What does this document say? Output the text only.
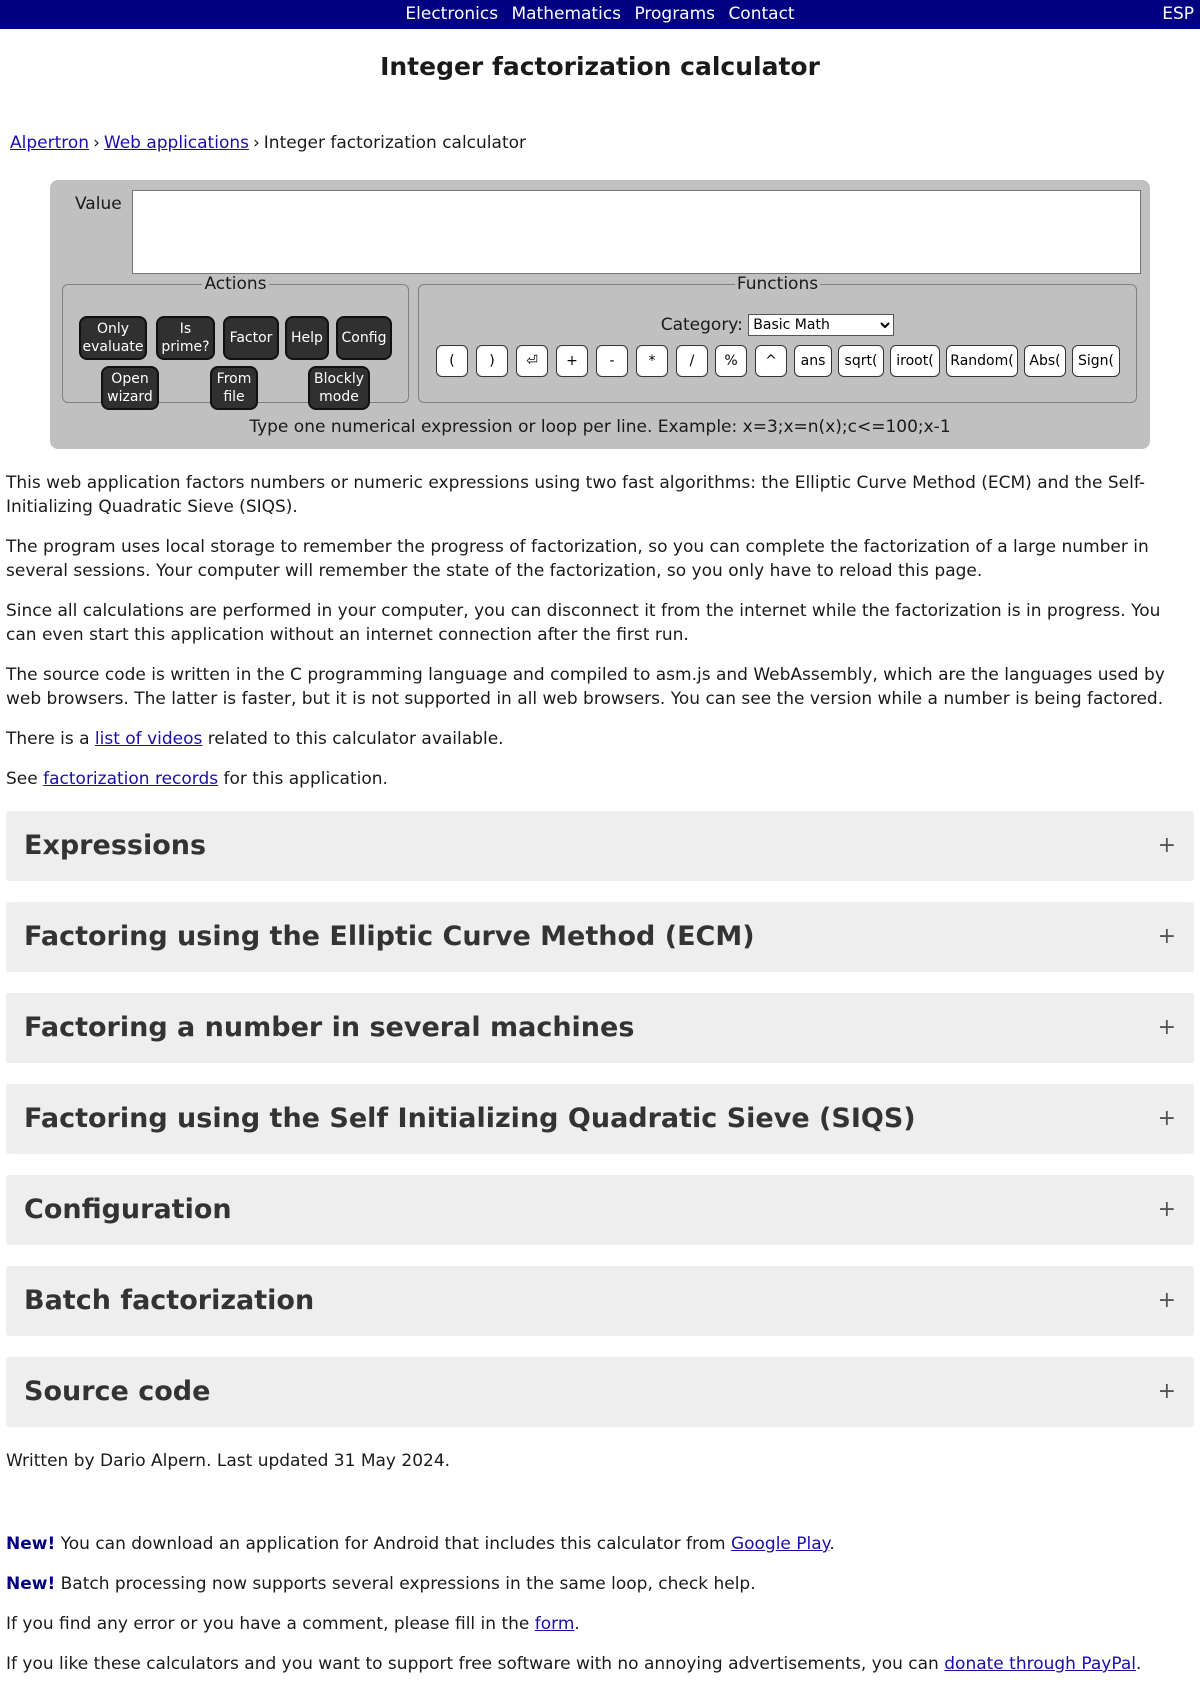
Electronics Mathematics Programs Contact	ESP
Integer factorization calculator
Alpertron › Web applications › Integer factorization calculator
Value
Actions
Only evaluate
Is prime?
Factor	Help	Config
Open wizard
From file
Blockly mode
Functions
Category:
Basic Math
(	)	⏎	+	-	*	/	%	^	ans	sqrt(	iroot(	Random(	Abs(	Sign(
Type one numerical expression or loop per line. Example: x=3;x=n(x);c<=100;x-1

This web application factors numbers or numeric expressions using two fast algorithms: the Elliptic Curve Method (ECM) and the Self-Initializing Quadratic Sieve (SIQS).

The program uses local storage to remember the progress of factorization, so you can complete the factorization of a large number in several sessions. Your computer will remember the state of the factorization, so you only have to reload this page.

Since all calculations are performed in your computer, you can disconnect it from the internet while the factorization is in progress. You can even start this application without an internet connection after the first run.

The source code is written in the C programming language and compiled to asm.js and WebAssembly, which are the languages used by web browsers. The latter is faster, but it is not supported in all web browsers. You can see the version while a number is being factored.

There is a list of videos related to this calculator available.

See factorization records for this application.

Expressions	+
Factoring using the Elliptic Curve Method (ECM)	+
Factoring a number in several machines	+
Factoring using the Self Initializing Quadratic Sieve (SIQS)	+
Configuration	+
Batch factorization	+
Source code	+

Written by Dario Alpern. Last updated 31 May 2024.

New! You can download an application for Android that includes this calculator from Google Play.

New! Batch processing now supports several expressions in the same loop, check help.

If you find any error or you have a comment, please fill in the form.

If you like these calculators and you want to support free software with no annoying advertisements, you can donate through PayPal.
